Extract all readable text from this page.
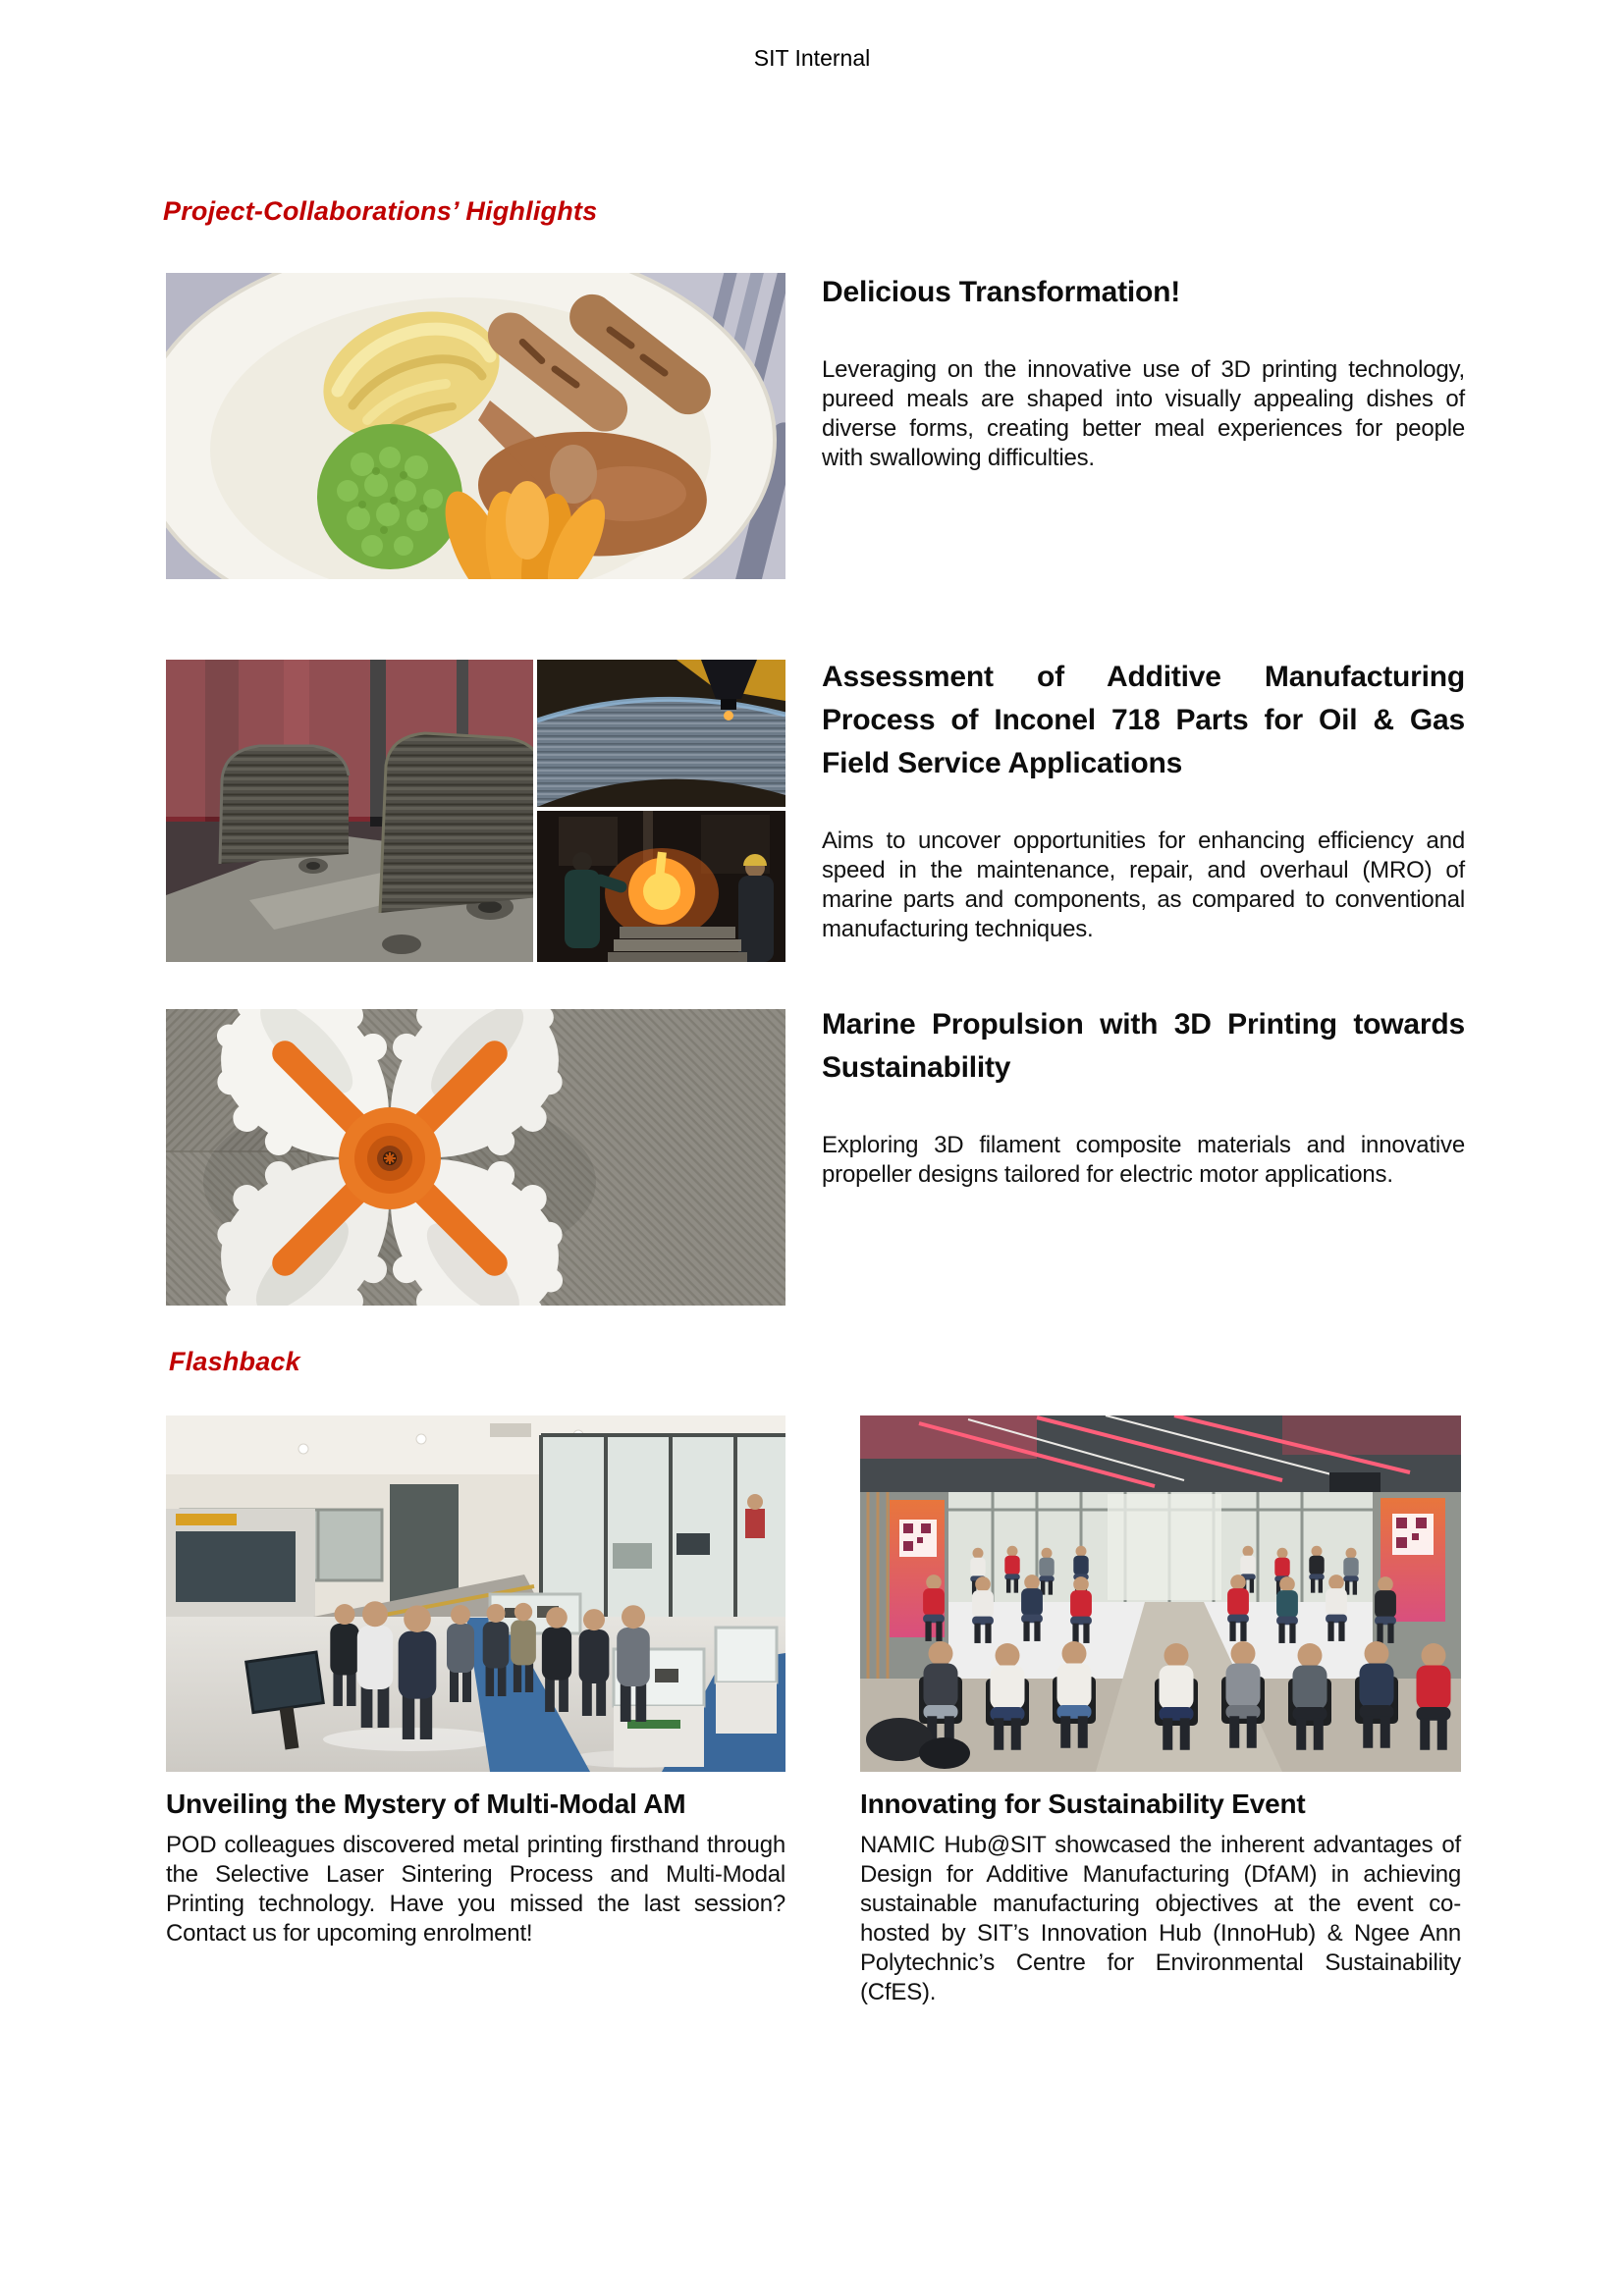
SIT Internal
Project-Collaborations’ Highlights
Delicious Transformation!

Leveraging on the innovative use of 3D printing technology, pureed meals are shaped into visually appealing dishes of diverse forms, creating better meal experiences for people with swallowing difficulties.

Assessment of Additive Manufacturing Process of Inconel 718 Parts for Oil & Gas Field Service Applications

Aims to uncover opportunities for enhancing efficiency and speed in the maintenance, repair, and overhaul (MRO) of marine parts and components, as compared to conventional manufacturing techniques.

Marine Propulsion with 3D Printing towards Sustainability

Exploring 3D filament composite materials and innovative propeller designs tailored for electric motor applications.

Flashback
Unveiling the Mystery of Multi-Modal AM

POD colleagues discovered metal printing firsthand through the Selective Laser Sintering Process and Multi-Modal Printing technology. Have you missed the last session? Contact us for upcoming enrolment!

Innovating for Sustainability Event

NAMIC Hub@SIT showcased the inherent advantages of Design for Additive Manufacturing (DfAM) in achieving sustainable manufacturing objectives at the event co-hosted by SIT’s Innovation Hub (InnoHub) & Ngee Ann Polytechnic’s Centre for Environmental Sustainability (CfES).
